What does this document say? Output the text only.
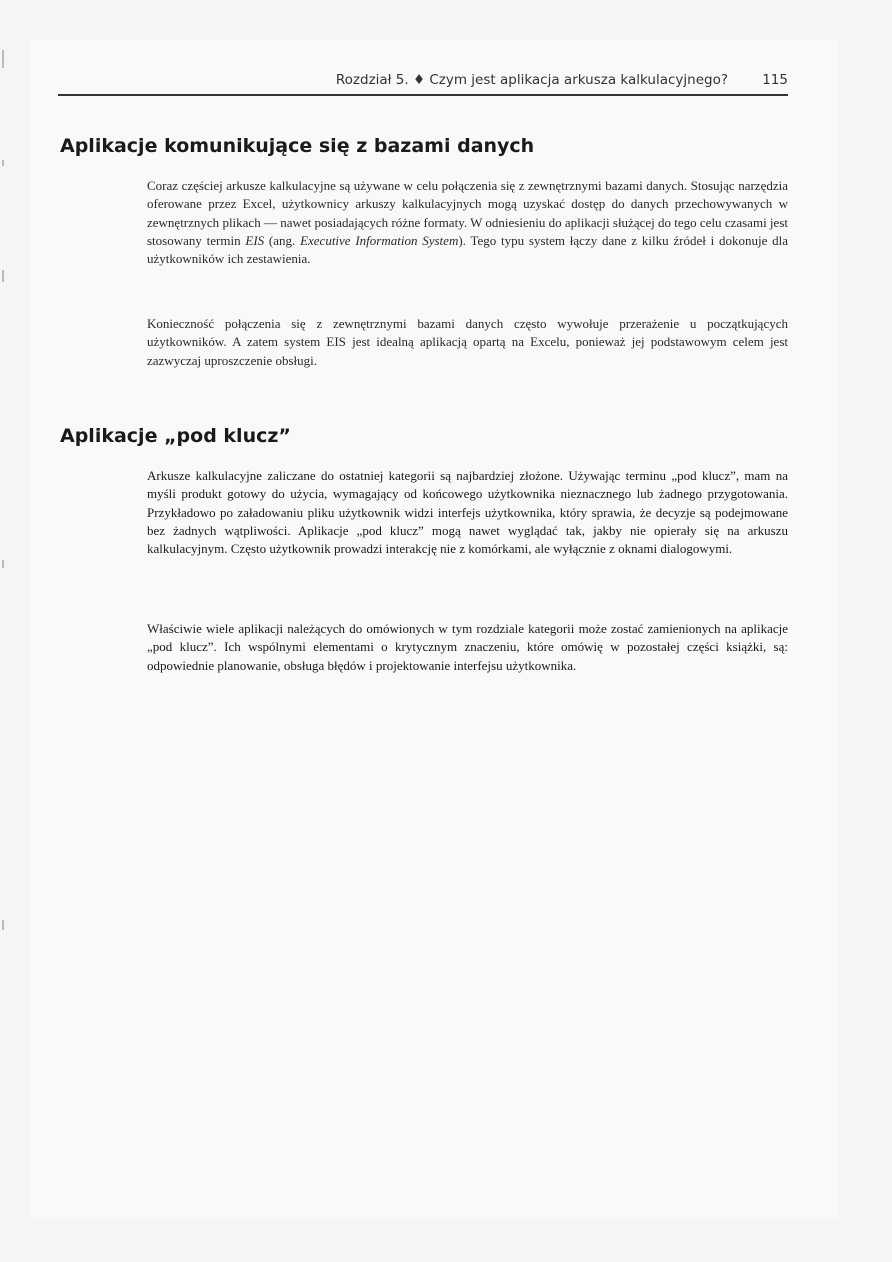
Rozdział 5. ♦ Czym jest aplikacja arkusza kalkulacyjnego?	115
Aplikacje komunikujące się z bazami danych

Coraz częściej arkusze kalkulacyjne są używane w celu połączenia się z zewnętrznymi bazami danych. Stosując narzędzia oferowane przez Excel, użytkownicy arkuszy kalkulacyjnych mogą uzyskać dostęp do danych przechowywanych w zewnętrznych plikach — nawet posiadających różne formaty. W odniesieniu do aplikacji służącej do tego celu czasami jest stosowany termin EIS (ang. Executive Information System). Tego typu system łączy dane z kilku źródeł i dokonuje dla użytkowników ich zestawienia.

Konieczność połączenia się z zewnętrznymi bazami danych często wywołuje przerażenie u początkujących użytkowników. A zatem system EIS jest idealną aplikacją opartą na Excelu, ponieważ jej podstawowym celem jest zazwyczaj uproszczenie obsługi.

Aplikacje „pod klucz”

Arkusze kalkulacyjne zaliczane do ostatniej kategorii są najbardziej złożone. Używając terminu „pod klucz”, mam na myśli produkt gotowy do użycia, wymagający od końcowego użytkownika nieznacznego lub żadnego przygotowania. Przykładowo po załadowaniu pliku użytkownik widzi interfejs użytkownika, który sprawia, że decyzje są podejmowane bez żadnych wątpliwości. Aplikacje „pod klucz” mogą nawet wyglądać tak, jakby nie opierały się na arkuszu kalkulacyjnym. Często użytkownik prowadzi interakcję nie z komórkami, ale wyłącznie z oknami dialogowymi.

Właściwie wiele aplikacji należących do omówionych w tym rozdziale kategorii może zostać zamienionych na aplikacje „pod klucz”. Ich wspólnymi elementami o krytycznym znaczeniu, które omówię w pozostałej części książki, są: odpowiednie planowanie, obsługa błędów i projektowanie interfejsu użytkownika.
